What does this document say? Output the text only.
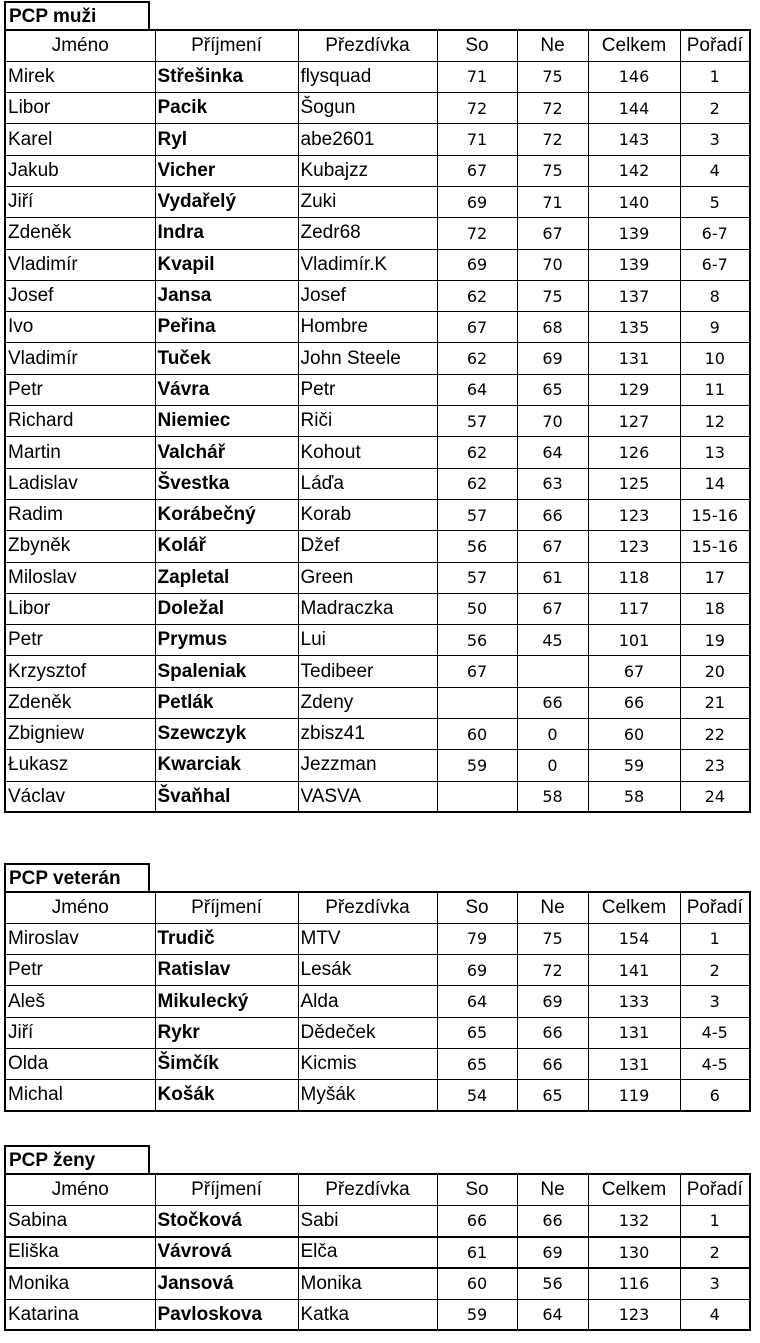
PCP muži
Jméno	Příjmení	Přezdívka	So	Ne	Celkem	Pořadí
Mirek	Střešinka	flysquad	71	75	146	1
Libor	Pacik	Šogun	72	72	144	2
Karel	Ryl	abe2601	71	72	143	3
Jakub	Vicher	Kubajzz	67	75	142	4
Jiří	Vydařelý	Zuki	69	71	140	5
Zdeněk	Indra	Zedr68	72	67	139	6-7
Vladimír	Kvapil	Vladimír.K	69	70	139	6-7
Josef	Jansa	Josef	62	75	137	8
Ivo	Peřina	Hombre	67	68	135	9
Vladimír	Tuček	John Steele	62	69	131	10
Petr	Vávra	Petr	64	65	129	11
Richard	Niemiec	Riči	57	70	127	12
Martin	Valchář	Kohout	62	64	126	13
Ladislav	Švestka	Láďa	62	63	125	14
Radim	Korábečný	Korab	57	66	123	15-16
Zbyněk	Kolář	Džef	56	67	123	15-16
Miloslav	Zapletal	Green	57	61	118	17
Libor	Doležal	Madraczka	50	67	117	18
Petr	Prymus	Lui	56	45	101	19
Krzysztof	Spaleniak	Tedibeer	67		67	20
Zdeněk	Petlák	Zdeny		66	66	21
Zbigniew	Szewczyk	zbisz41	60	0	60	22
Łukasz	Kwarciak	Jezzman	59	0	59	23
Václav	Švaňhal	VASVA		58	58	24
PCP veterán
Jméno	Příjmení	Přezdívka	So	Ne	Celkem	Pořadí
Miroslav	Trudič	MTV	79	75	154	1
Petr	Ratislav	Lesák	69	72	141	2
Aleš	Mikulecký	Alda	64	69	133	3
Jiří	Rykr	Dědeček	65	66	131	4-5
Olda	Šimčík	Kicmis	65	66	131	4-5
Michal	Košák	Myšák	54	65	119	6
PCP ženy
Jméno	Příjmení	Přezdívka	So	Ne	Celkem	Pořadí
Sabina	Stočková	Sabi	66	66	132	1
Eliška	Vávrová	Elča	61	69	130	2
Monika	Jansová	Monika	60	56	116	3
Katarina	Pavloskova	Katka	59	64	123	4
